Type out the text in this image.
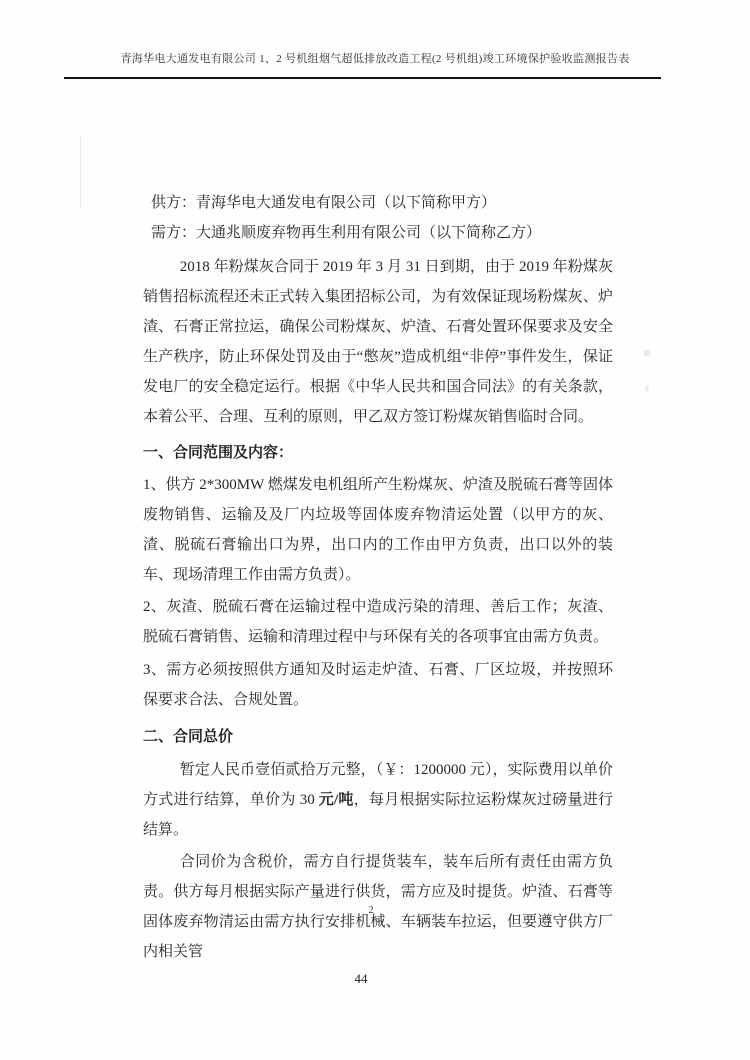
青海华电大通发电有限公司 1、2 号机组烟气超低排放改造工程(2 号机组)竣工环境保护验收监测报告表

供方：青海华电大通发电有限公司（以下简称甲方）

需方：大通兆顺废弃物再生利用有限公司（以下简称乙方）

2018 年粉煤灰合同于 2019 年 3 月 31 日到期，由于 2019 年粉煤灰销售招标流程还未正式转入集团招标公司，为有效保证现场粉煤灰、炉渣、石膏正常拉运，确保公司粉煤灰、炉渣、石膏处置环保要求及安全生产秩序，防止环保处罚及由于“憋灰”造成机组“非停”事件发生，保证发电厂的安全稳定运行。根据《中华人民共和国合同法》的有关条款，本着公平、合理、互利的原则，甲乙双方签订粉煤灰销售临时合同。

一、合同范围及内容：

1、供方 2*300MW 燃煤发电机组所产生粉煤灰、炉渣及脱硫石膏等固体废物销售、运输及及厂内垃圾等固体废弃物清运处置（以甲方的灰、渣、脱硫石膏输出口为界，出口内的工作由甲方负责，出口以外的装车、现场清理工作由需方负责）。

2、灰渣、脱硫石膏在运输过程中造成污染的清理、善后工作；灰渣、脱硫石膏销售、运输和清理过程中与环保有关的各项事宜由需方负责。

3、需方必须按照供方通知及时运走炉渣、石膏、厂区垃圾，并按照环保要求合法、合规处置。

二、合同总价

暂定人民币壹佰贰拾万元整，（￥：1200000 元），实际费用以单价方式进行结算，单价为 30 元/吨，每月根据实际拉运粉煤灰过磅量进行结算。

合同价为含税价，需方自行提货装车，装车后所有责任由需方负责。供方每月根据实际产量进行供货，需方应及时提货。炉渣、石膏等固体废弃物清运由需方执行安排机械、车辆装车拉运，但要遵守供方厂内相关管

2
44
